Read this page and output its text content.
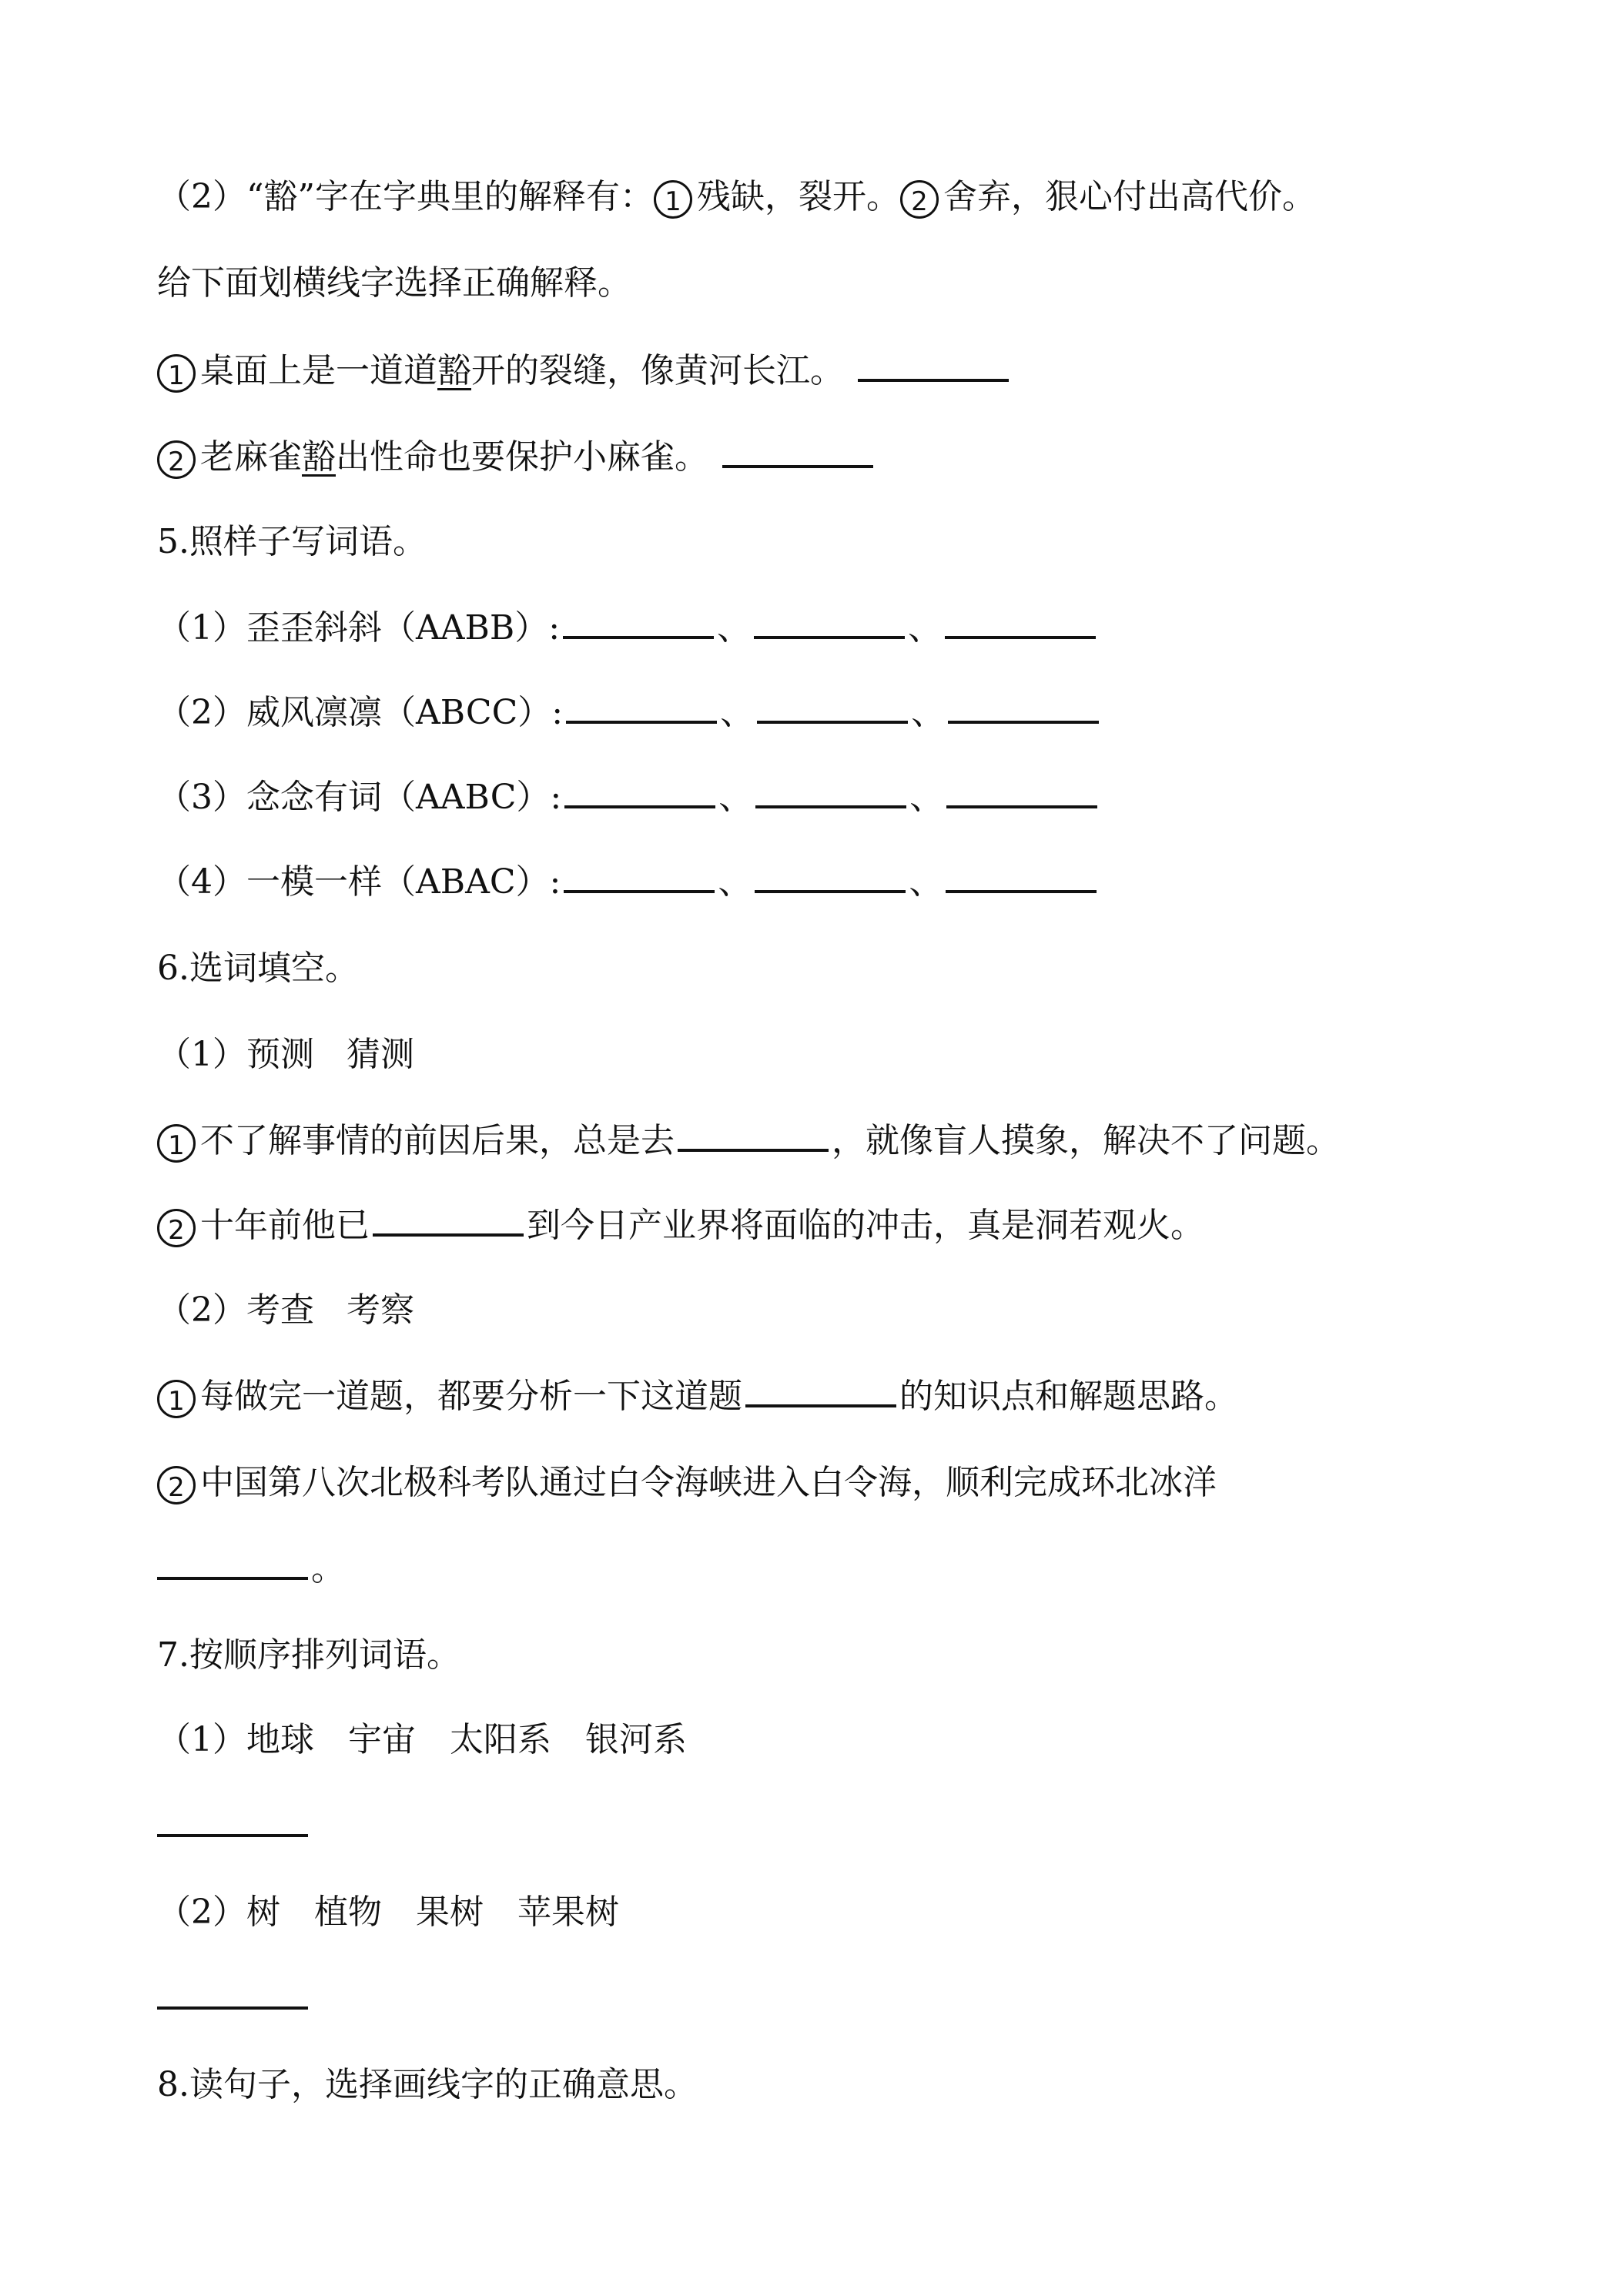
（2）“豁”字在字典里的解释有： 1 残缺，裂开。 2 舍弃，狠心付出高代价。
给下面划横线字选择正确解释。
1 桌面上是一道道豁开的裂缝，像黄河长江。
2 老麻雀豁出性命也要保护小麻雀。
5.照样子写词语。
（1）歪歪斜斜（AABB）:	、	、
（2）威风凛凛（ABCC）:	、	、
（3）念念有词（AABC）:	、	、
（4）一模一样（ABAC）:	、	、
6.选词填空。
（1）预测   猜测
1 不了解事情的前因后果，总是去	，就像盲人摸象，解决不了问题。
2 十年前他已	到今日产业界将面临的冲击，真是洞若观火。
（2）考查   考察
1 每做完一道题，都要分析一下这道题	的知识点和解题思路。
2 中国第八次北极科考队通过白令海峡进入白令海，顺利完成环北冰洋
。
7.按顺序排列词语。
（1）地球 宇宙 太阳系 银河系
（2）树 植物 果树 苹果树
8.读句子，选择画线字的正确意思。
